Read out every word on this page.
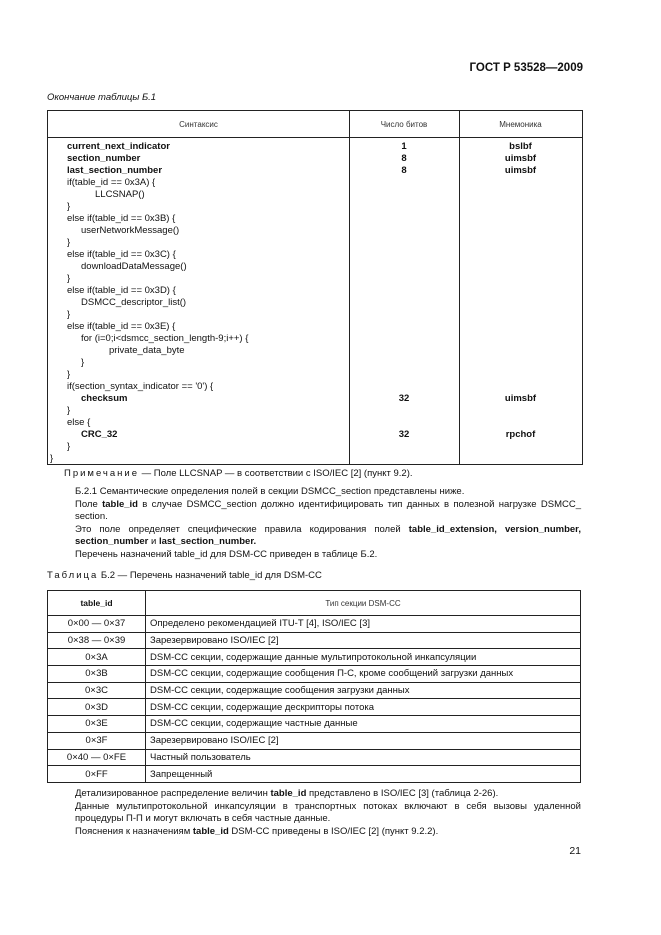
ГОСТ Р 53528—2009
Окончание таблицы Б.1
Синтаксис	Число битов	Мнемоника
current_next_indicator	1	bslbf
section_number	8	uimsbf
last_section_number	8	uimsbf
if(table_id == 0x3A) {
LLCSNAP()
}
else if(table_id == 0x3B) {
userNetworkMessage()
}
else if(table_id == 0x3C) {
downloadDataMessage()
}
else if(table_id == 0x3D) {
DSMCC_descriptor_list()
}
else if(table_id == 0x3E) {
for (i=0;i<dsmcc_section_length-9;i++) {
private_data_byte
}
}
if(section_syntax_indicator == '0') {
checksum	32	uimsbf
}
else {
CRC_32	32	rpchof
}
}
Примечание — Поле LLCSNAP — в соответствии с ISO/IEC [2] (пункт 9.2).
Б.2.1 Семантические определения полей в секции DSMCC_section представлены ниже.
Поле table_id в случае DSMCC_section должно идентифицировать тип данных в полезной нагрузке DSMCC_ section.
Это поле определяет специфические правила кодирования полей table_id_extension, version_number, section_number и last_section_number.
Перечень назначений table_id для DSM-CC приведен в таблице Б.2.
Таблица Б.2 — Перечень назначений table_id для DSM-CC
table_id	Тип секции DSM-CC
0×00 — 0×37	Определено рекомендацией ITU-T [4], ISO/IEC [3]
0×38 — 0×39	Зарезервировано ISO/IEC [2]
0×3A	DSM-CC секции, содержащие данные мультипротокольной инкапсуляции
0×3B	DSM-CC секции, содержащие сообщения П-С, кроме сообщений загрузки данных
0×3C	DSM-CC секции, содержащие сообщения загрузки данных
0×3D	DSM-CC секции, содержащие дескрипторы потока
0×3E	DSM-CC секции, содержащие частные данные
0×3F	Зарезервировано ISO/IEC [2]
0×40 — 0×FE	Частный пользователь
0×FF	Запрещенный
Детализированное распределение величин table_id представлено в ISO/IEC [3] (таблица 2-26).
Данные мультипротокольной инкапсуляции в транспортных потоках включают в себя вызовы удаленной процедуры П-П и могут включать в себя частные данные.
Пояснения к назначениям table_id DSM-CC приведены в ISO/IEC [2] (пункт 9.2.2).
21
